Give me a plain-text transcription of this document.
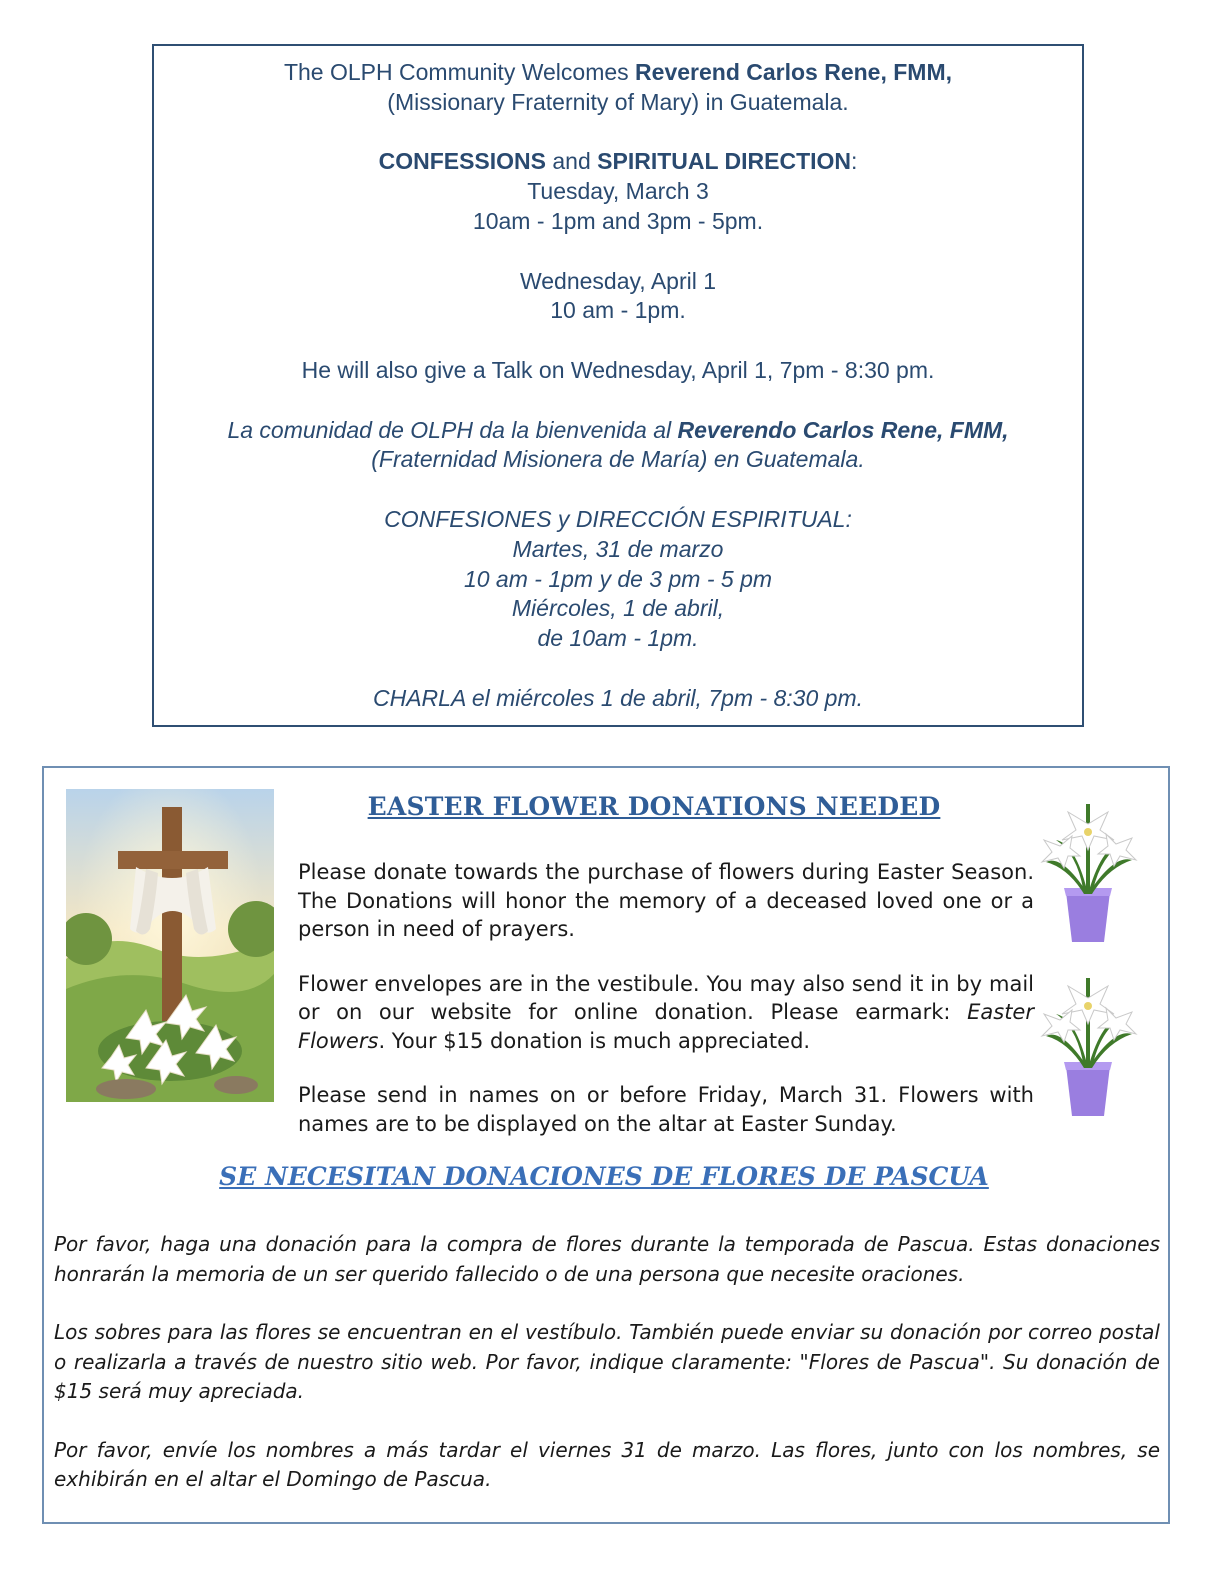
The OLPH Community Welcomes Reverend Carlos Rene, FMM,

(Missionary Fraternity of Mary) in Guatemala.

CONFESSIONS and SPIRITUAL DIRECTION:

Tuesday, March 3

10am - 1pm and 3pm - 5pm.

Wednesday, April 1

10 am - 1pm.

He will also give a Talk on Wednesday, April 1, 7pm - 8:30 pm.

La comunidad de OLPH da la bienvenida al Reverendo Carlos Rene, FMM,

(Fraternidad Misionera de María) en Guatemala.

CONFESIONES y DIRECCIÓN ESPIRITUAL:

Martes, 31 de marzo

10 am - 1pm y de 3 pm - 5 pm

Miércoles, 1 de abril,

de 10am - 1pm.

CHARLA el miércoles 1 de abril, 7pm - 8:30 pm.

EASTER FLOWER DONATIONS NEEDED

Please donate towards the purchase of flowers during Easter Season. The Donations will honor the memory of a deceased loved one or a person in need of prayers.

Flower envelopes are in the vestibule. You may also send it in by mail or on our website for online donation. Please earmark: Easter Flowers. Your $15 donation is much appreciated.

Please send in names on or before Friday, March 31. Flowers with names are to be displayed on the altar at Easter Sunday.

SE NECESITAN DONACIONES DE FLORES DE PASCUA

Por favor, haga una donación para la compra de flores durante la temporada de Pascua. Estas donaciones honrarán la memoria de un ser querido fallecido o de una persona que necesite oraciones.

Los sobres para las flores se encuentran en el vestíbulo. También puede enviar su donación por correo postal o realizarla a través de nuestro sitio web. Por favor, indique claramente: "Flores de Pascua". Su donación de $15 será muy apreciada.

Por favor, envíe los nombres a más tardar el viernes 31 de marzo. Las flores, junto con los nombres, se exhibirán en el altar el Domingo de Pascua.
